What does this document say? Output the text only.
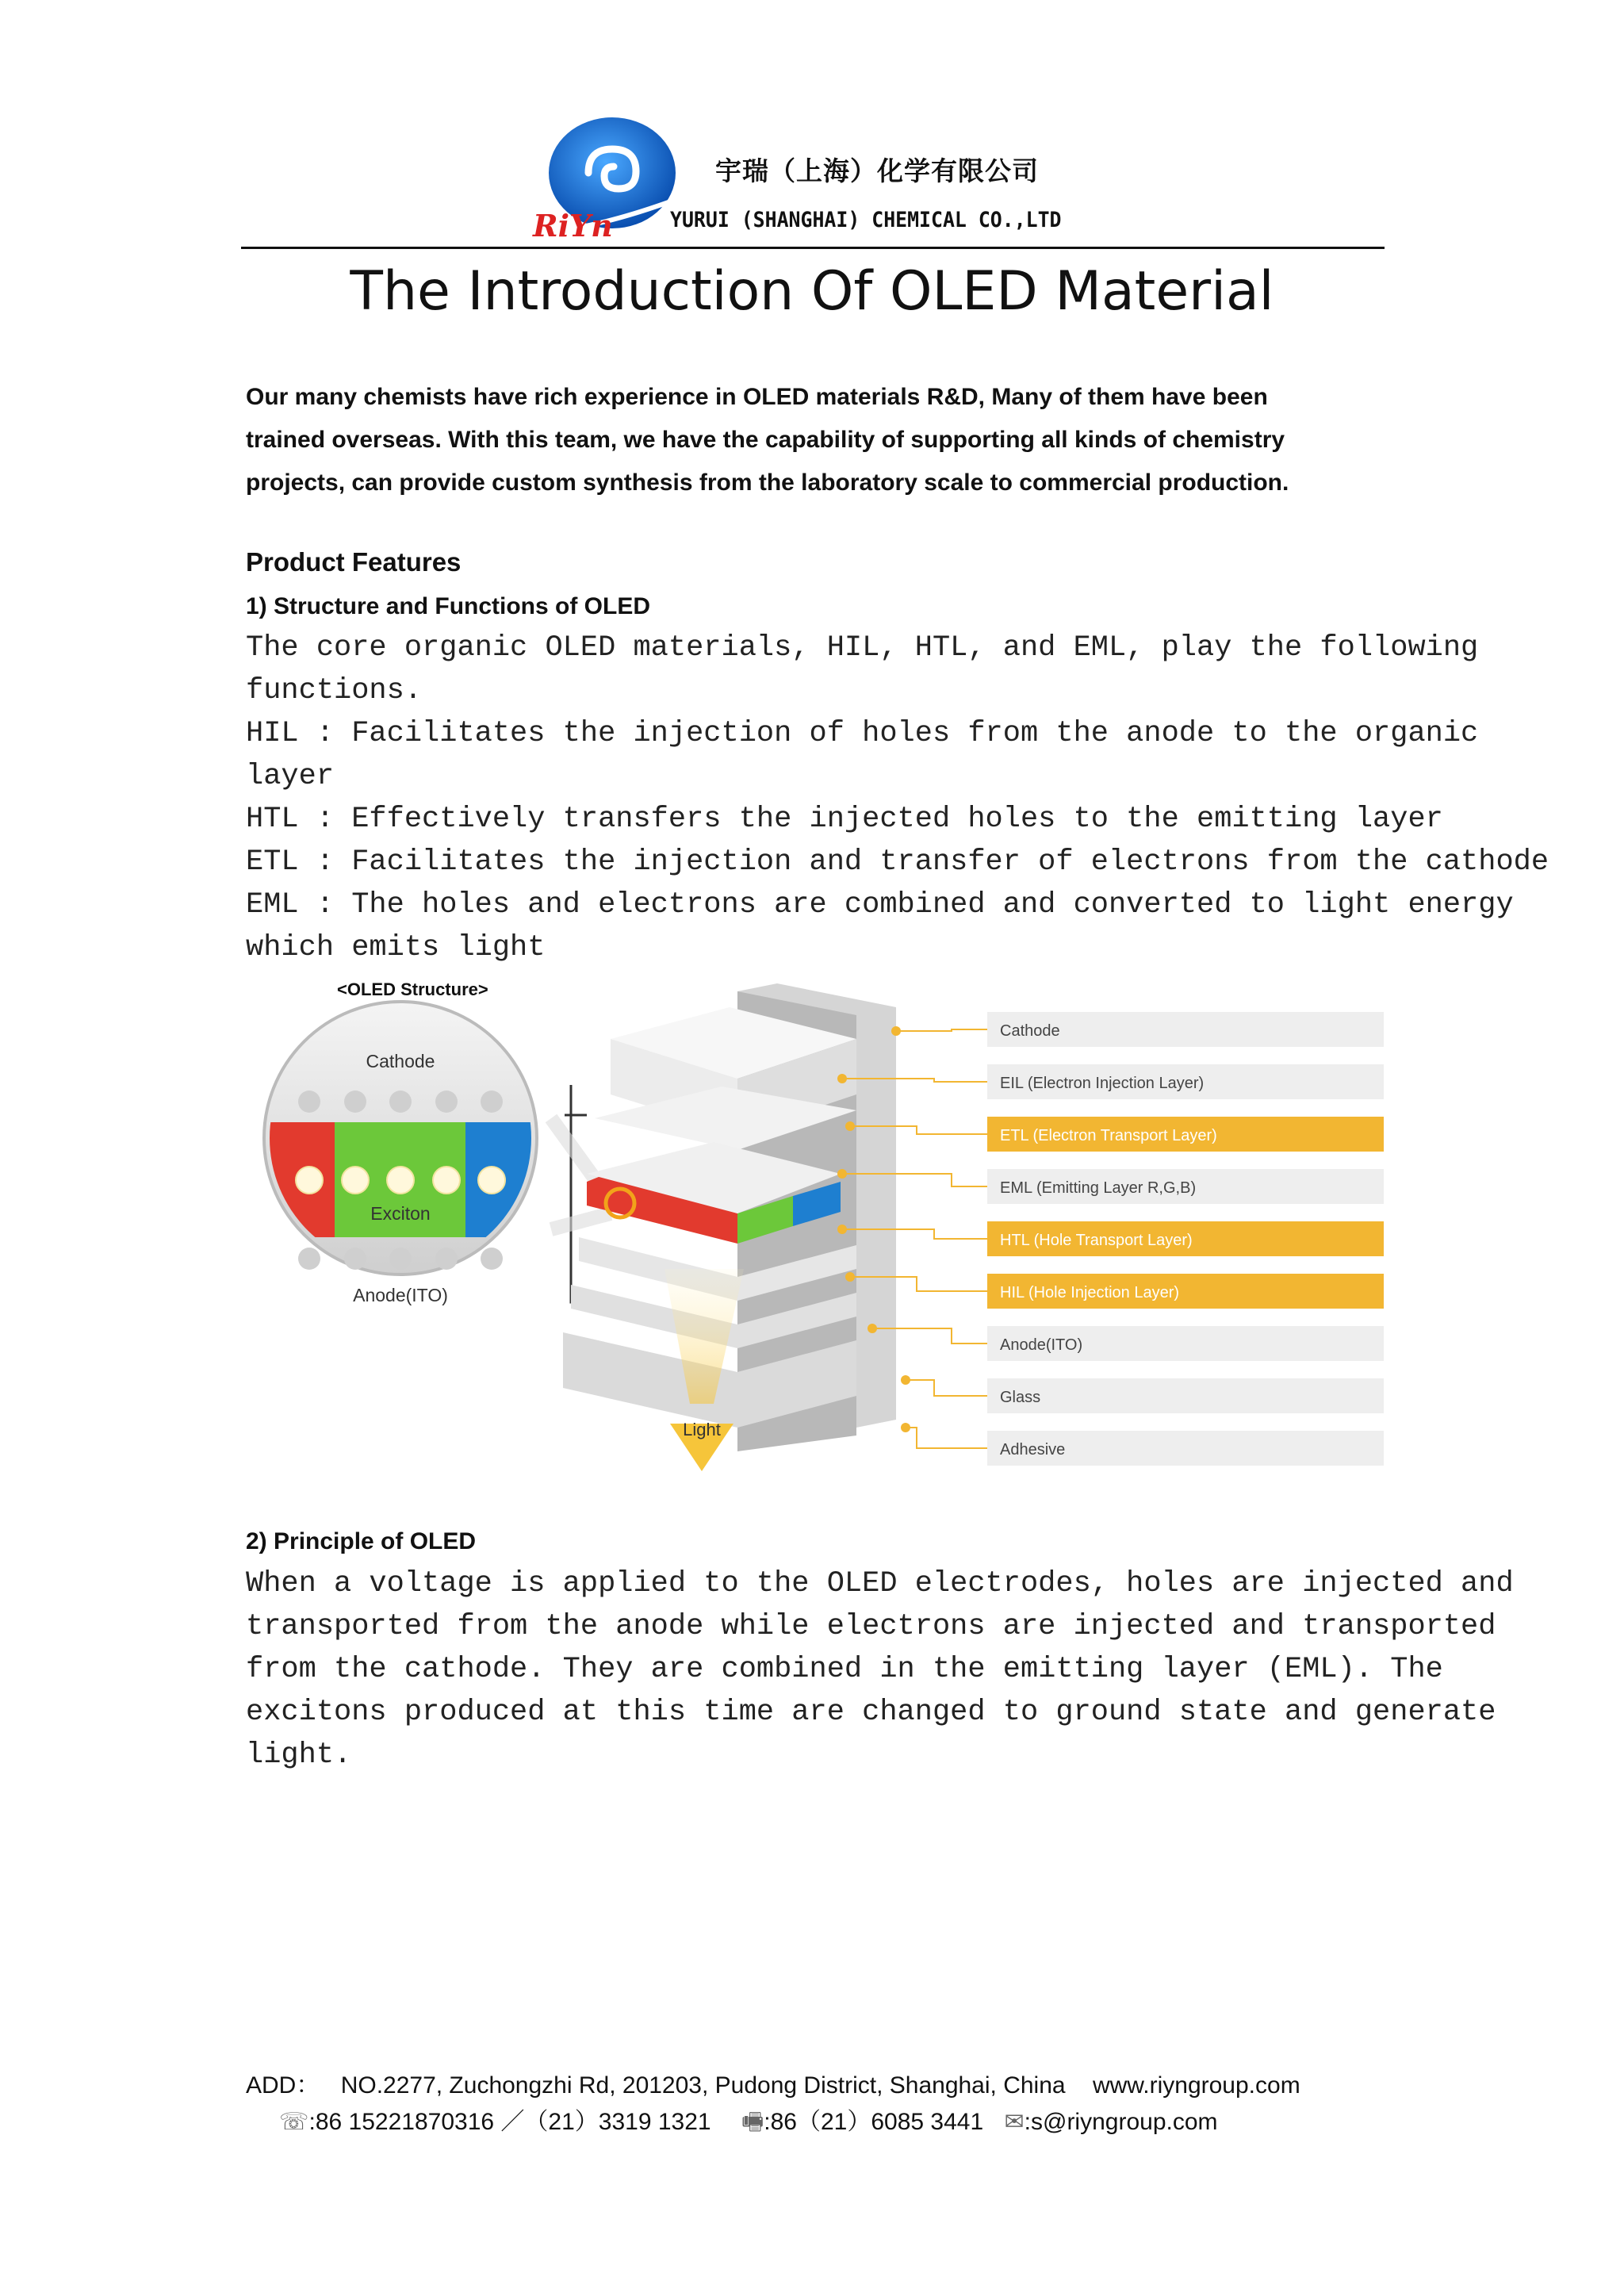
RiYn
宇瑞（上海）化学有限公司
YURUI (SHANGHAI) CHEMICAL CO.,LTD
The Introduction Of OLED Material
Our many chemists have rich experience in OLED materials R&D, Many of them have been
trained overseas. With this team, we have the capability of supporting all kinds of chemistry
projects, can provide custom synthesis from the laboratory scale to commercial production.
Product Features
1) Structure and Functions of OLED
The core organic OLED materials, HIL, HTL, and EML, play the following
functions.
HIL : Facilitates the injection of holes from the anode to the organic
layer
HTL : Effectively transfers the injected holes to the emitting layer
ETL : Facilitates the injection and transfer of electrons from the cathode
EML : The holes and electrons are combined and converted to light energy
which emits light
<OLED Structure>
Cathode
Exciton
Anode(ITO)
Light
Cathode
EIL (Electron Injection Layer)
ETL (Electron Transport Layer)
EML (Emitting Layer R,G,B)
HTL (Hole Transport Layer)
HIL (Hole Injection Layer)
Anode(ITO)
Glass
Adhesive
2) Principle of OLED
When a voltage is applied to the OLED electrodes, holes are injected and
transported from the anode while electrons are injected and transported
from the cathode. They are combined in the emitting layer (EML). The
excitons produced at this time are changed to ground state and generate
light.
ADD： NO.2277, Zuchongzhi Rd, 201203, Pudong District, Shanghai, China www.riyngroup.com
☏:86 15221870316 ／（21）3319 1321 🖷:86（21）6085 3441 ✉:s@riyngroup.com
